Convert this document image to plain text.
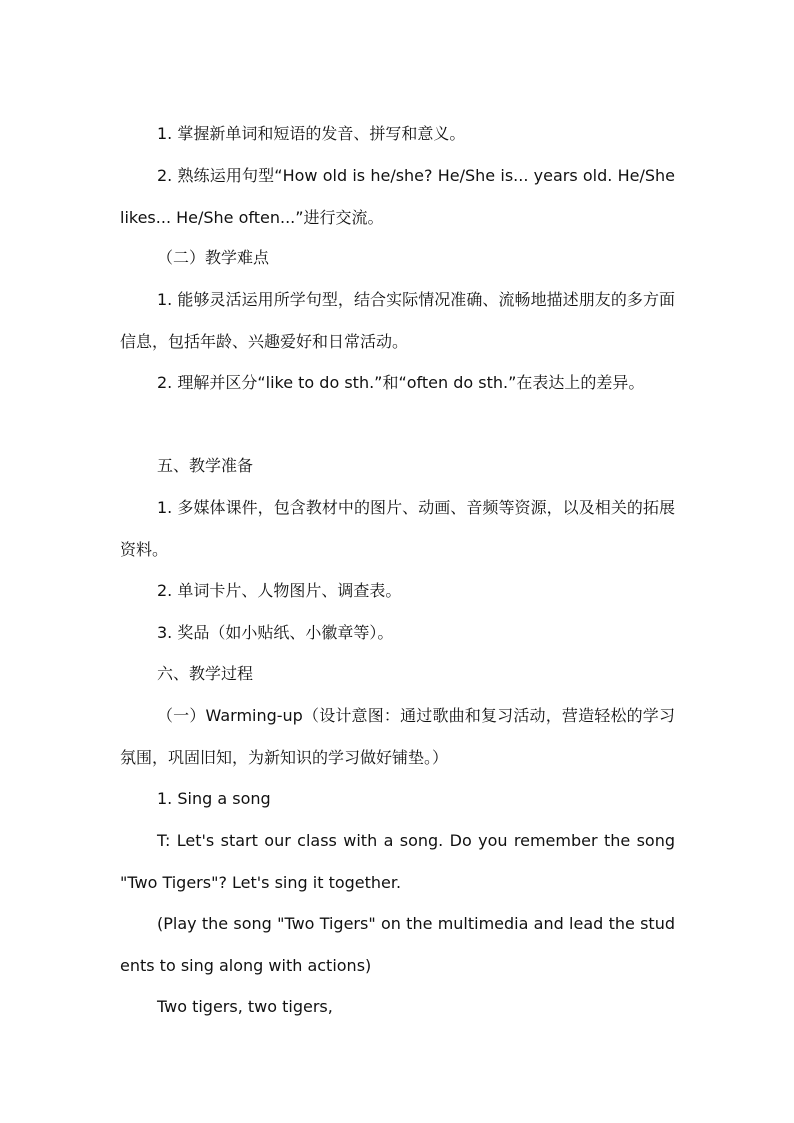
1. 掌握新单词和短语的发音、拼写和意义。

2. 熟练运用句型“How old is he/she? He/She is... years old. He/She likes... He/She often...”进行交流。

（二）教学难点

1. 能够灵活运用所学句型，结合实际情况准确、流畅地描述朋友的多方面信息，包括年龄、兴趣爱好和日常活动。

2. 理解并区分“like to do sth.”和“often do sth.”在表达上的差异。

五、教学准备

1. 多媒体课件，包含教材中的图片、动画、音频等资源，以及相关的拓展资料。

2. 单词卡片、人物图片、调查表。

3. 奖品（如小贴纸、小徽章等）。

六、教学过程

（一）Warming-up（设计意图：通过歌曲和复习活动，营造轻松的学习氛围，巩固旧知，为新知识的学习做好铺垫。）

1. Sing a song

T: Let's start our class with a song. Do you remember the song "Two Tigers"? Let's sing it together.

(Play the song "Two Tigers" on the multimedia and lead the students to sing along with actions)

Two tigers, two tigers,
